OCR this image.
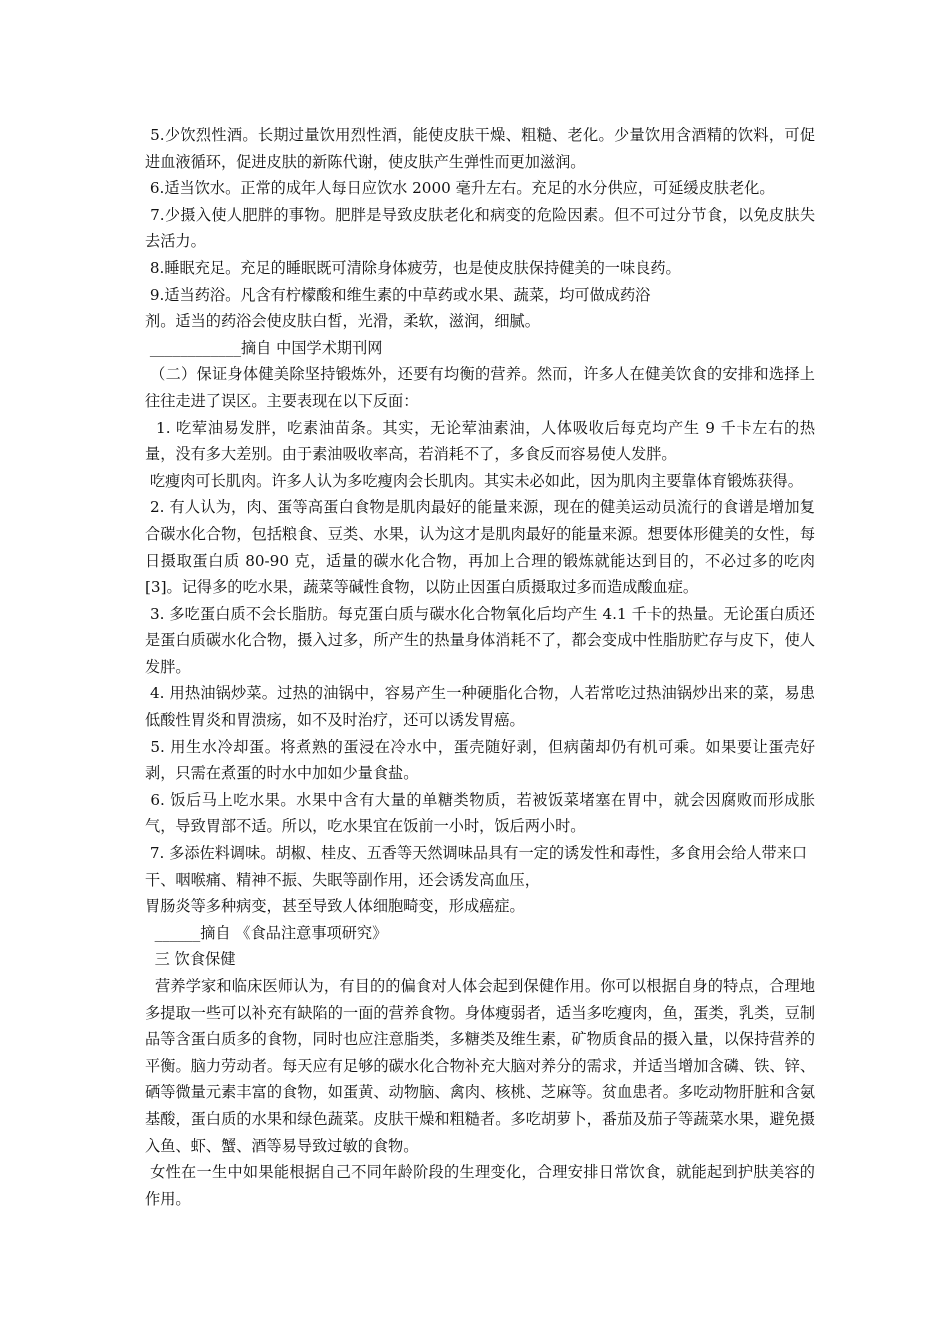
5.少饮烈性酒。长期过量饮用烈性酒，能使皮肤干燥、粗糙、老化。少量饮用含酒精的饮料，可促进血液循环，促进皮肤的新陈代谢，使皮肤产生弹性而更加滋润。

6.适当饮水。正常的成年人每日应饮水 2000 毫升左右。充足的水分供应，可延缓皮肤老化。

7.少摄入使人肥胖的事物。肥胖是导致皮肤老化和病变的危险因素。但不可过分节食，以免皮肤失去活力。

8.睡眠充足。充足的睡眠既可清除身体疲劳，也是使皮肤保持健美的一味良药。

9.适当药浴。凡含有柠檬酸和维生素的中草药或水果、蔬菜，均可做成药浴
剂。适当的药浴会使皮肤白皙，光滑，柔软，滋润，细腻。

____________摘自 中国学术期刊网

（二）保证身体健美除坚持锻炼外，还要有均衡的营养。然而，许多人在健美饮食的安排和选择上往往走进了误区。主要表现在以下反面：

1. 吃荤油易发胖，吃素油苗条。其实，无论荤油素油，人体吸收后每克均产生 9 千卡左右的热量，没有多大差别。由于素油吸收率高，若消耗不了，多食反而容易使人发胖。

吃瘦肉可长肌肉。许多人认为多吃瘦肉会长肌肉。其实未必如此，因为肌肉主要靠体育锻炼获得。

2. 有人认为，肉、蛋等高蛋白食物是肌肉最好的能量来源，现在的健美运动员流行的食谱是增加复合碳水化合物，包括粮食、豆类、水果，认为这才是肌肉最好的能量来源。想要体形健美的女性，每日摄取蛋白质 80-90 克，适量的碳水化合物，再加上合理的锻炼就能达到目的，不必过多的吃肉[3]。记得多的吃水果，蔬菜等碱性食物，以防止因蛋白质摄取过多而造成酸血症。

3. 多吃蛋白质不会长脂肪。每克蛋白质与碳水化合物氧化后均产生 4.1 千卡的热量。无论蛋白质还是蛋白质碳水化合物，摄入过多，所产生的热量身体消耗不了，都会变成中性脂肪贮存与皮下，使人发胖。

4. 用热油锅炒菜。过热的油锅中，容易产生一种硬脂化合物，人若常吃过热油锅炒出来的菜，易患低酸性胃炎和胃溃疡，如不及时治疗，还可以诱发胃癌。

5. 用生水冷却蛋。将煮熟的蛋浸在冷水中，蛋壳随好剥，但病菌却仍有机可乘。如果要让蛋壳好剥，只需在煮蛋的时水中加如少量食盐。

6. 饭后马上吃水果。水果中含有大量的单糖类物质，若被饭菜堵塞在胃中，就会因腐败而形成胀气，导致胃部不适。所以，吃水果宜在饭前一小时，饭后两小时。

7. 多添佐料调味。胡椒、桂皮、五香等天然调味品具有一定的诱发性和毒性，多食用会给人带来口干、咽喉痛、精神不振、失眠等副作用，还会诱发高血压，
胃肠炎等多种病变，甚至导致人体细胞畸变，形成癌症。

______摘自 《食品注意事项研究》

三 饮食保健

营养学家和临床医师认为，有目的的偏食对人体会起到保健作用。你可以根据自身的特点，合理地多提取一些可以补充有缺陷的一面的营养食物。身体瘦弱者，适当多吃瘦肉，鱼，蛋类，乳类，豆制品等含蛋白质多的食物，同时也应注意脂类，多糖类及维生素，矿物质食品的摄入量，以保持营养的平衡。脑力劳动者。每天应有足够的碳水化合物补充大脑对养分的需求，并适当增加含磷、铁、锌、硒等微量元素丰富的食物，如蛋黄、动物脑、禽肉、核桃、芝麻等。贫血患者。多吃动物肝脏和含氨基酸，蛋白质的水果和绿色蔬菜。皮肤干燥和粗糙者。多吃胡萝卜，番茄及茄子等蔬菜水果，避免摄入鱼、虾、蟹、酒等易导致过敏的食物。

女性在一生中如果能根据自己不同年龄阶段的生理变化，合理安排日常饮食，就能起到护肤美容的作用。
